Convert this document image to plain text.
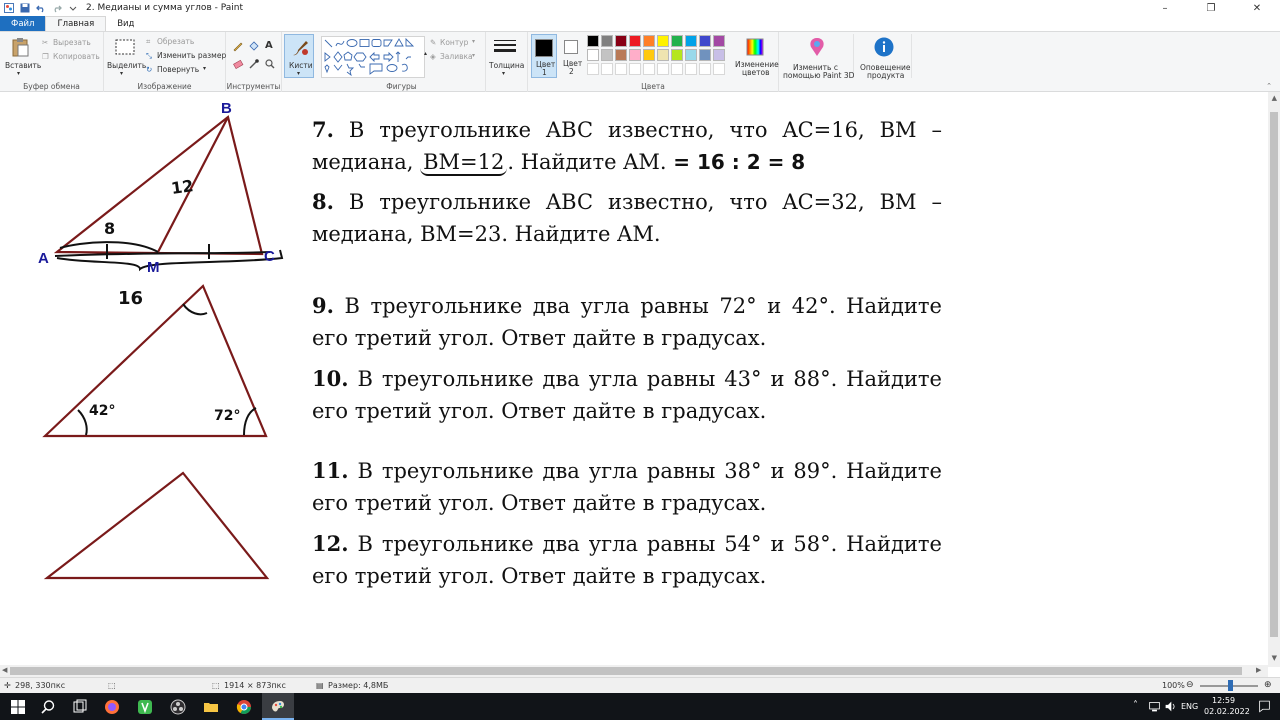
2. Медианы и сумма углов - Paint	–	❐	✕
Файл	Главная	Вид
Вставить
▾
✂ Вырезать
❐ Копировать
Буфер обмена
Выделить
▾
⌗ Обрезать
⤡ Изменить размер
↻ Повернуть ▾
Изображение
A
Инструменты
Кисти
▾
▴
✎ Контур ▾
◈ Заливка ▾
Фигуры
Толщина
▾
Цвет
1
Цвет
2
Изменение
цветов
Цвета
Изменить с
помощью Paint 3D
Оповещение
продукта
⌃
B
A
M
C
12
8
16
42°	72°
7. В треугольнике ABC известно, что AC=16, BM – медиана, BM=12 . Найдите AM. = 16 : 2 = 8
8. В треугольнике ABC известно, что AC=32, BM – медиана, BM=23. Найдите AM.
9. В треугольнике два угла равны 72° и 42°. Найдите его третий угол. Ответ дайте в градусах.
10. В треугольнике два угла равны 43° и 88°. Найдите его третий угол. Ответ дайте в градусах.
11. В треугольнике два угла равны 38° и 89°. Найдите его третий угол. Ответ дайте в градусах.
12. В треугольнике два угла равны 54° и 58°. Найдите его третий угол. Ответ дайте в градусах.
▲
▼
◀	▶
✛ 298, 330пкс	⬚	⬚ 1914 × 873пкс	▤ Размер: 4,8МБ	100% ⊖	⊕
˄	ENG
12:59
02.02.2022
